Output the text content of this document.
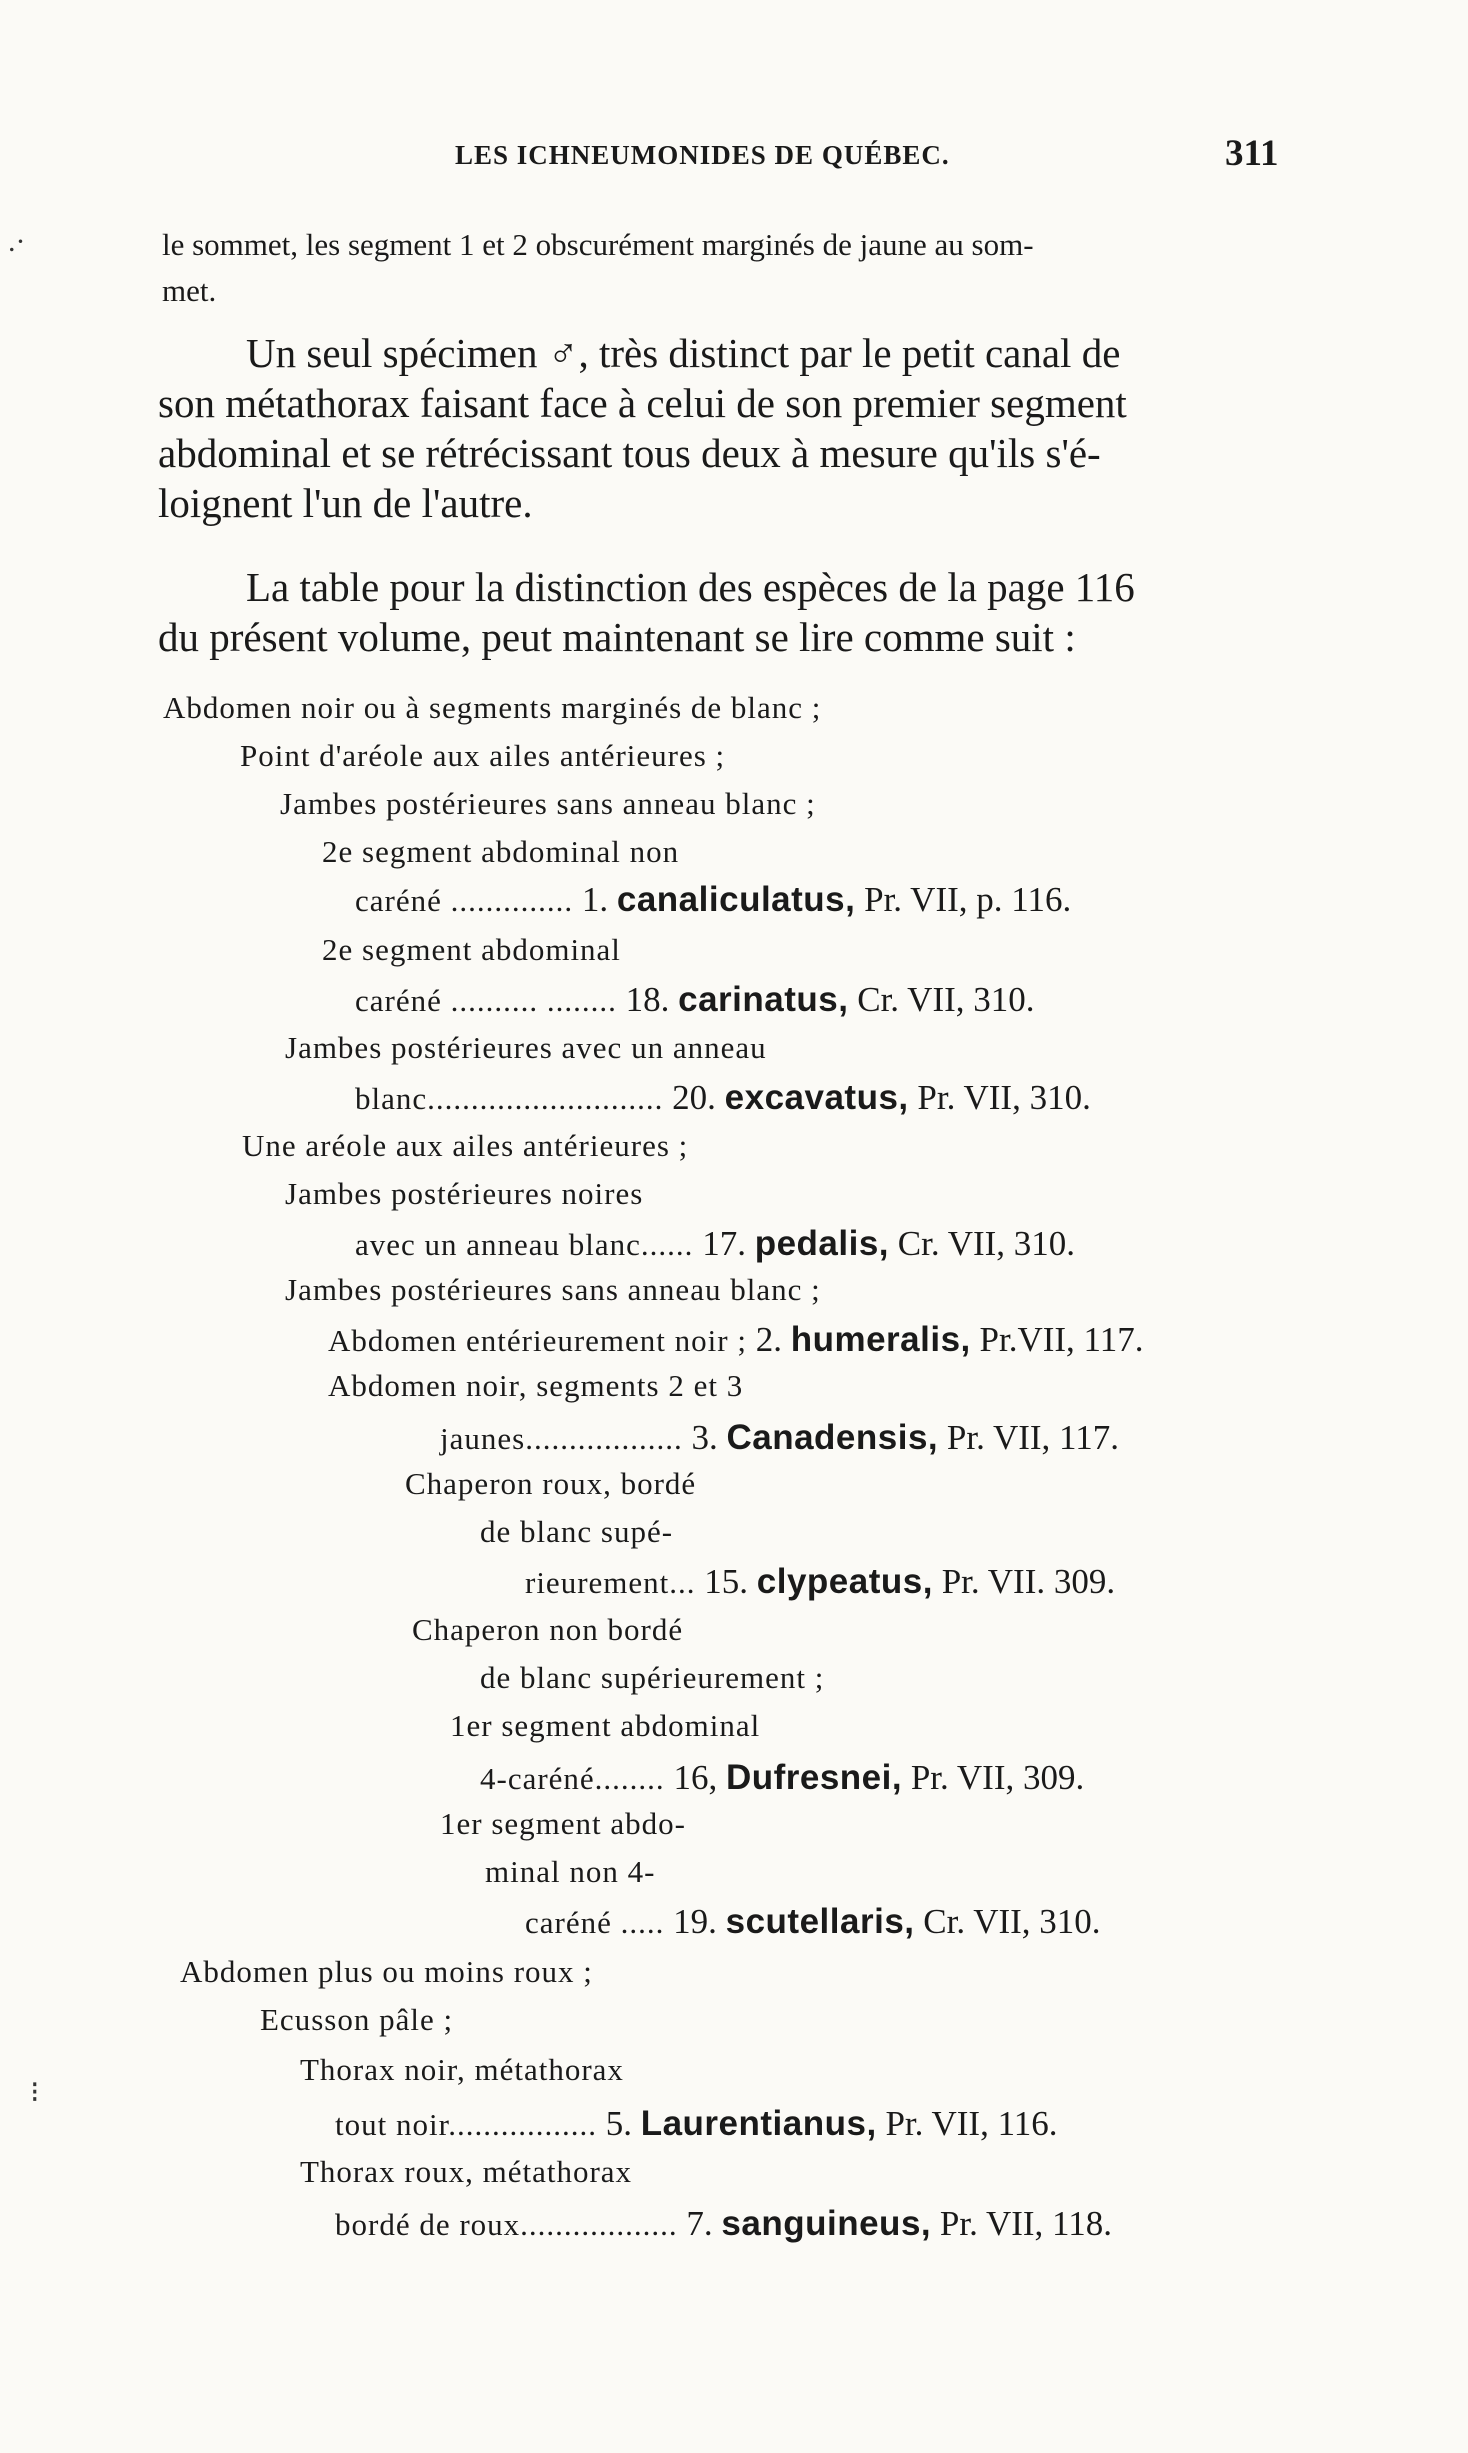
LES ICHNEUMONIDES DE QUÉBEC.	311
.·
⁝
le sommet, les segment 1 et 2 obscurément marginés de jaune au som-
met.
Un seul spécimen ♂, très distinct par le petit canal de
son métathorax faisant face à celui de son premier segment
abdominal et se rétrécissant tous deux à mesure qu'ils s'é-
loignent l'un de l'autre.
La table pour la distinction des espèces de la page 116
du présent volume, peut maintenant se lire comme suit :
Abdomen noir ou à segments marginés de blanc ;
Point d'aréole aux ailes antérieures ;
Jambes postérieures sans anneau blanc ;
2e segment abdominal non
caréné .............. 1. canaliculatus, Pr. VII, p. 116.
2e segment abdominal
caréné .......... ........ 18. carinatus, Cr. VII, 310.
Jambes postérieures avec un anneau
blanc........................... 20. excavatus, Pr. VII, 310.
Une aréole aux ailes antérieures ;
Jambes postérieures noires
avec un anneau blanc...... 17. pedalis, Cr. VII, 310.
Jambes postérieures sans anneau blanc ;
Abdomen entérieurement noir ; 2. humeralis, Pr.VII, 117.
Abdomen noir, segments 2 et 3
jaunes.................. 3. Canadensis, Pr. VII, 117.
Chaperon roux, bordé
de blanc supé-
rieurement... 15. clypeatus, Pr. VII. 309.
Chaperon non bordé
de blanc supérieurement ;
1er segment abdominal
4-caréné........ 16, Dufresnei, Pr. VII, 309.
1er segment abdo-
minal non 4-
caréné ..... 19. scutellaris, Cr. VII, 310.
Abdomen plus ou moins roux ;
Ecusson pâle ;
Thorax noir, métathorax
tout noir................. 5. Laurentianus, Pr. VII, 116.
Thorax roux, métathorax
bordé de roux.................. 7. sanguineus, Pr. VII, 118.
